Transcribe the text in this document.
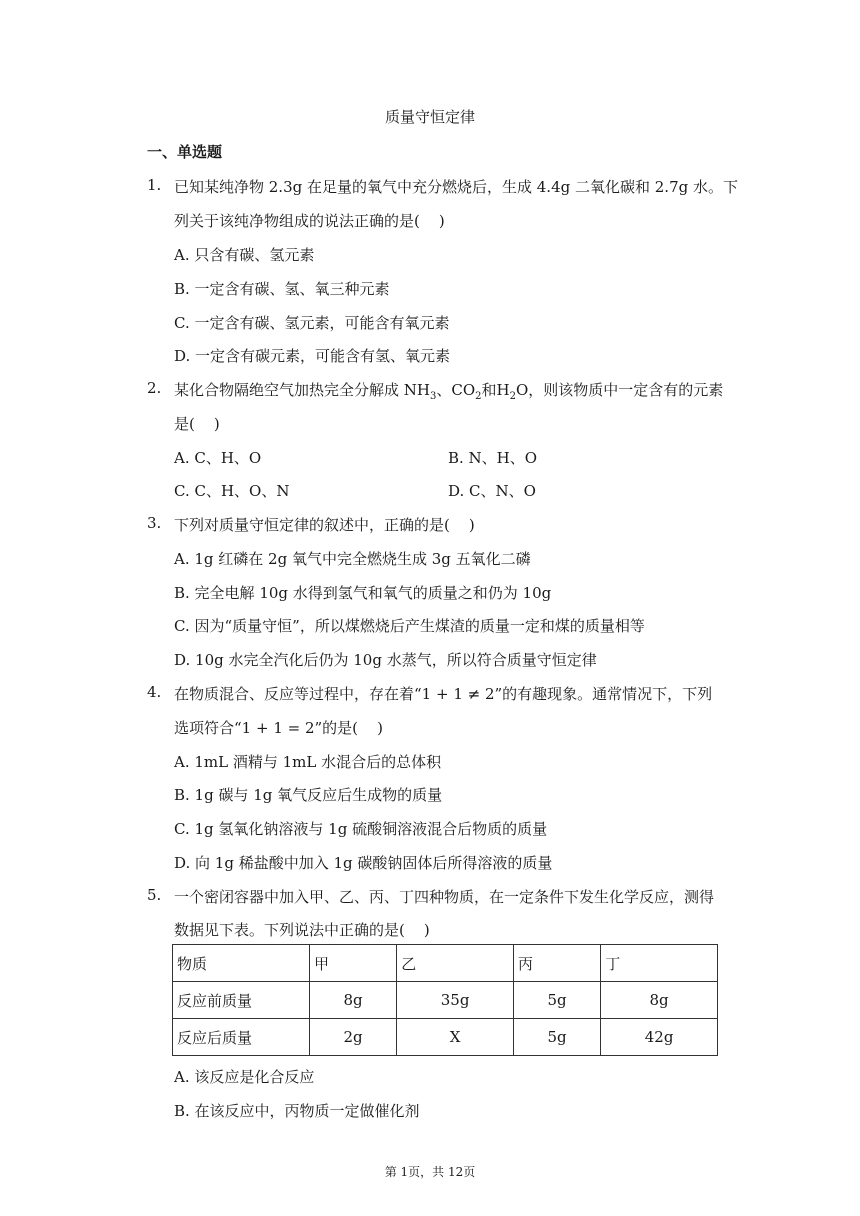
质量守恒定律
一、单选题
1. 已知某纯净物 2.3g 在足量的氧气中充分燃烧后，生成 4.4g 二氧化碳和 2.7g 水。下
列关于该纯净物组成的说法正确的是(    )
A. 只含有碳、氢元素
B. 一定含有碳、氢、氧三种元素
C. 一定含有碳、氢元素，可能含有氧元素
D. 一定含有碳元素，可能含有氢、氧元素
2. 某化合物隔绝空气加热完全分解成 $NH_3$、$CO_2$和$H_2O$，则该物质中一定含有的元素
是(    )
A. C、H、O	B. N、H、O
C. C、H、O、N	D. C、N、O
3. 下列对质量守恒定律的叙述中，正确的是(    )
A. 1g 红磷在 2g 氧气中完全燃烧生成 3g 五氧化二磷
B. 完全电解 10g 水得到氢气和氧气的质量之和仍为 10g
C. 因为“质量守恒”，所以煤燃烧后产生煤渣的质量一定和煤的质量相等
D. 10g 水完全汽化后仍为 10g 水蒸气，所以符合质量守恒定律
4. 在物质混合、反应等过程中，存在着“1 + 1 ≠ 2”的有趣现象。通常情况下，下列
选项符合“1 + 1 = 2”的是(    )
A. 1mL 酒精与 1mL 水混合后的总体积
B. 1g 碳与 1g 氧气反应后生成物的质量
C. 1g 氢氧化钠溶液与 1g 硫酸铜溶液混合后物质的质量
D. 向 1g 稀盐酸中加入 1g 碳酸钠固体后所得溶液的质量
5. 一个密闭容器中加入甲、乙、丙、丁四种物质，在一定条件下发生化学反应，测得
数据见下表。下列说法中正确的是(    )
物质	甲	乙	丙	丁
反应前质量	8g	35g	5g	8g
反应后质量	2g	X	5g	42g
A. 该反应是化合反应
B. 在该反应中，丙物质一定做催化剂
第 1页，共 12页
